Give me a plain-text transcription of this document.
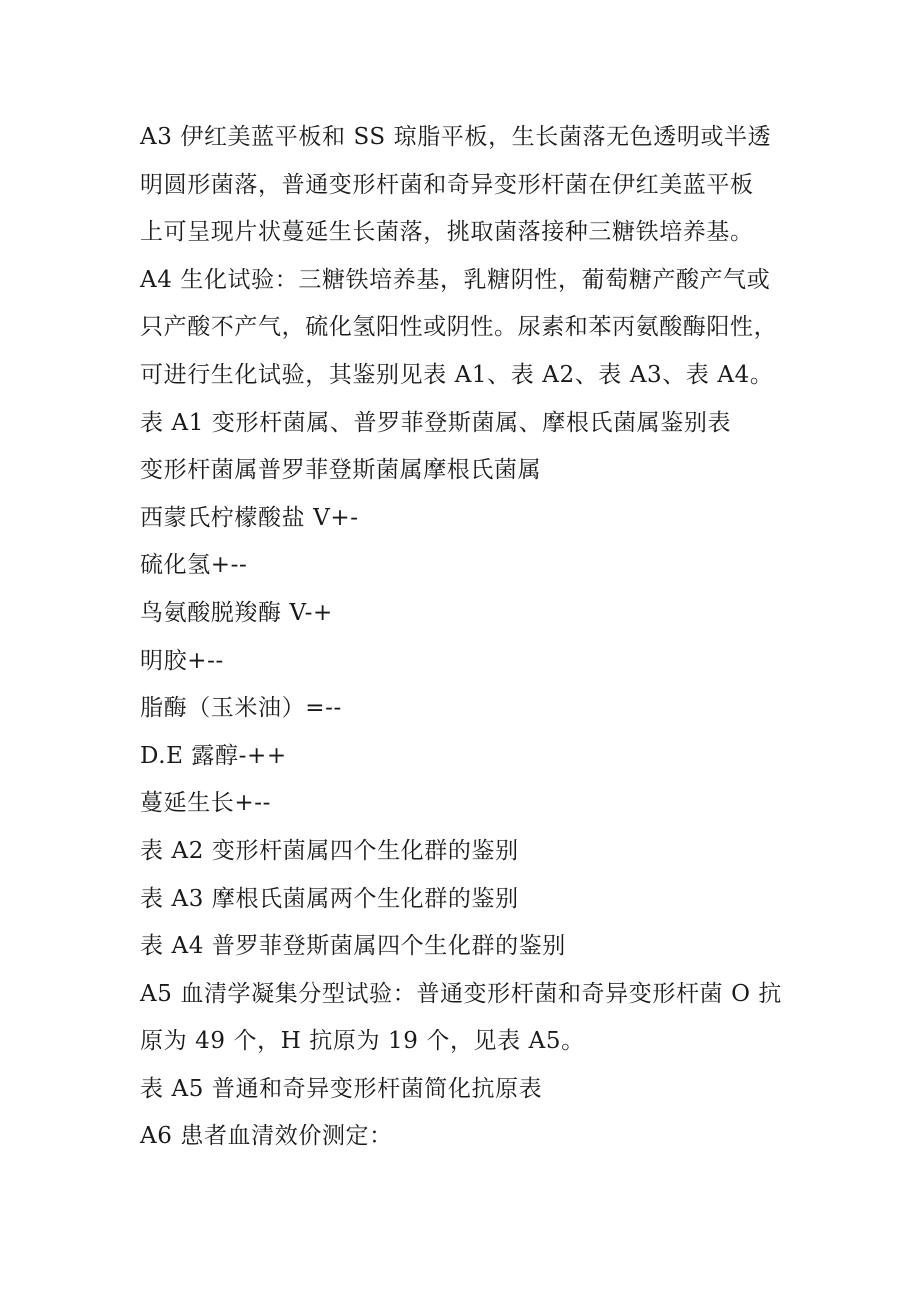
A3 伊红美蓝平板和 SS 琼脂平板，生长菌落无色透明或半透
明圆形菌落，普通变形杆菌和奇异变形杆菌在伊红美蓝平板
上可呈现片状蔓延生长菌落，挑取菌落接种三糖铁培养基。
A4 生化试验：三糖铁培养基，乳糖阴性，葡萄糖产酸产气或
只产酸不产气，硫化氢阳性或阴性。尿素和苯丙氨酸酶阳性，
可进行生化试验，其鉴别见表 A1、表 A2、表 A3、表 A4。
表 A1 变形杆菌属、普罗菲登斯菌属、摩根氏菌属鉴别表
变形杆菌属普罗菲登斯菌属摩根氏菌属
西蒙氏柠檬酸盐 V+-
硫化氢+--
鸟氨酸脱羧酶 V-+
明胶+--
脂酶（玉米油）=--
D.E 露醇-++
蔓延生长+--
表 A2 变形杆菌属四个生化群的鉴别
表 A3 摩根氏菌属两个生化群的鉴别
表 A4 普罗菲登斯菌属四个生化群的鉴别
A5 血清学凝集分型试验：普通变形杆菌和奇异变形杆菌 O 抗
原为 49 个，H 抗原为 19 个，见表 A5。
表 A5 普通和奇异变形杆菌简化抗原表
A6 患者血清效价测定：
